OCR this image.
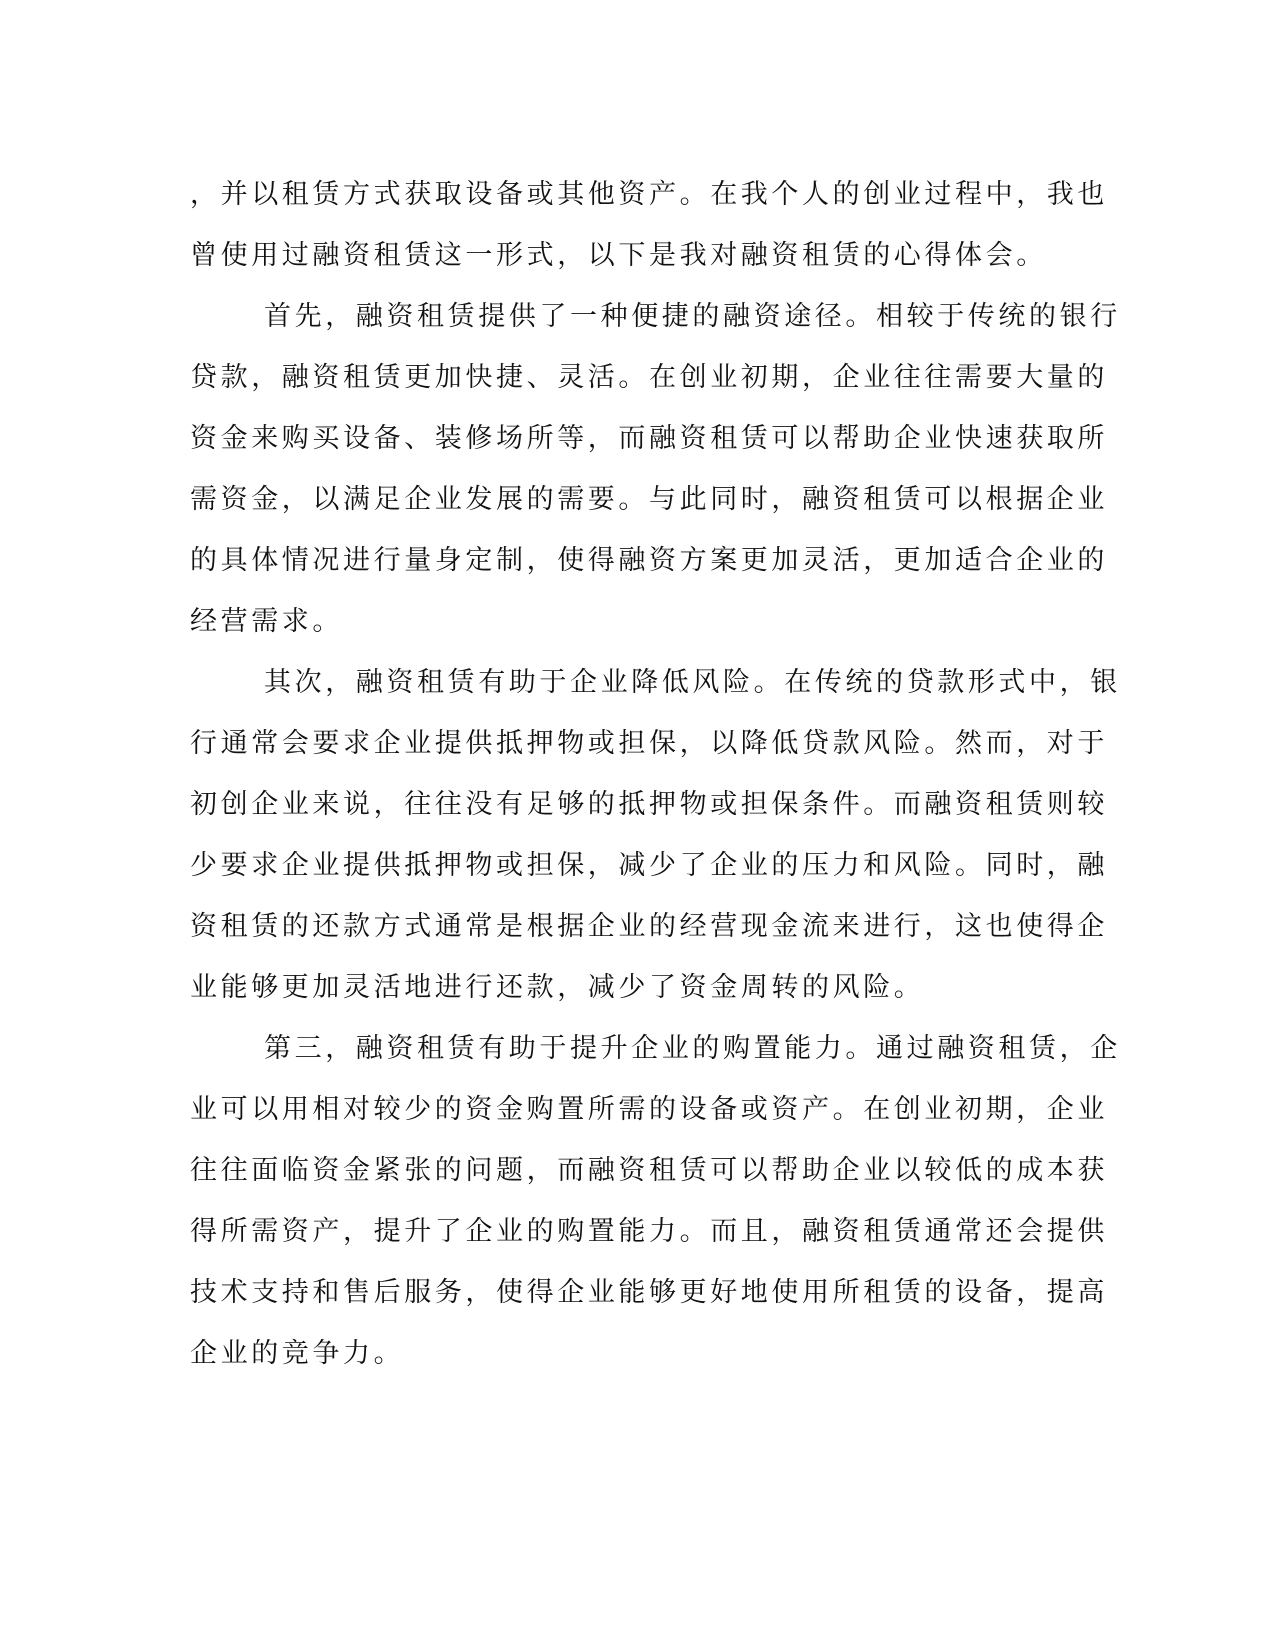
，并以租赁方式获取设备或其他资产。在我个人的创业过程中，我也
曾使用过融资租赁这一形式，以下是我对融资租赁的心得体会。

首先，融资租赁提供了一种便捷的融资途径。相较于传统的银行
贷款，融资租赁更加快捷、灵活。在创业初期，企业往往需要大量的
资金来购买设备、装修场所等，而融资租赁可以帮助企业快速获取所
需资金，以满足企业发展的需要。与此同时，融资租赁可以根据企业
的具体情况进行量身定制，使得融资方案更加灵活，更加适合企业的
经营需求。

其次，融资租赁有助于企业降低风险。在传统的贷款形式中，银
行通常会要求企业提供抵押物或担保，以降低贷款风险。然而，对于
初创企业来说，往往没有足够的抵押物或担保条件。而融资租赁则较
少要求企业提供抵押物或担保，减少了企业的压力和风险。同时，融
资租赁的还款方式通常是根据企业的经营现金流来进行，这也使得企
业能够更加灵活地进行还款，减少了资金周转的风险。

第三，融资租赁有助于提升企业的购置能力。通过融资租赁，企
业可以用相对较少的资金购置所需的设备或资产。在创业初期，企业
往往面临资金紧张的问题，而融资租赁可以帮助企业以较低的成本获
得所需资产，提升了企业的购置能力。而且，融资租赁通常还会提供
技术支持和售后服务，使得企业能够更好地使用所租赁的设备，提高
企业的竞争力。
